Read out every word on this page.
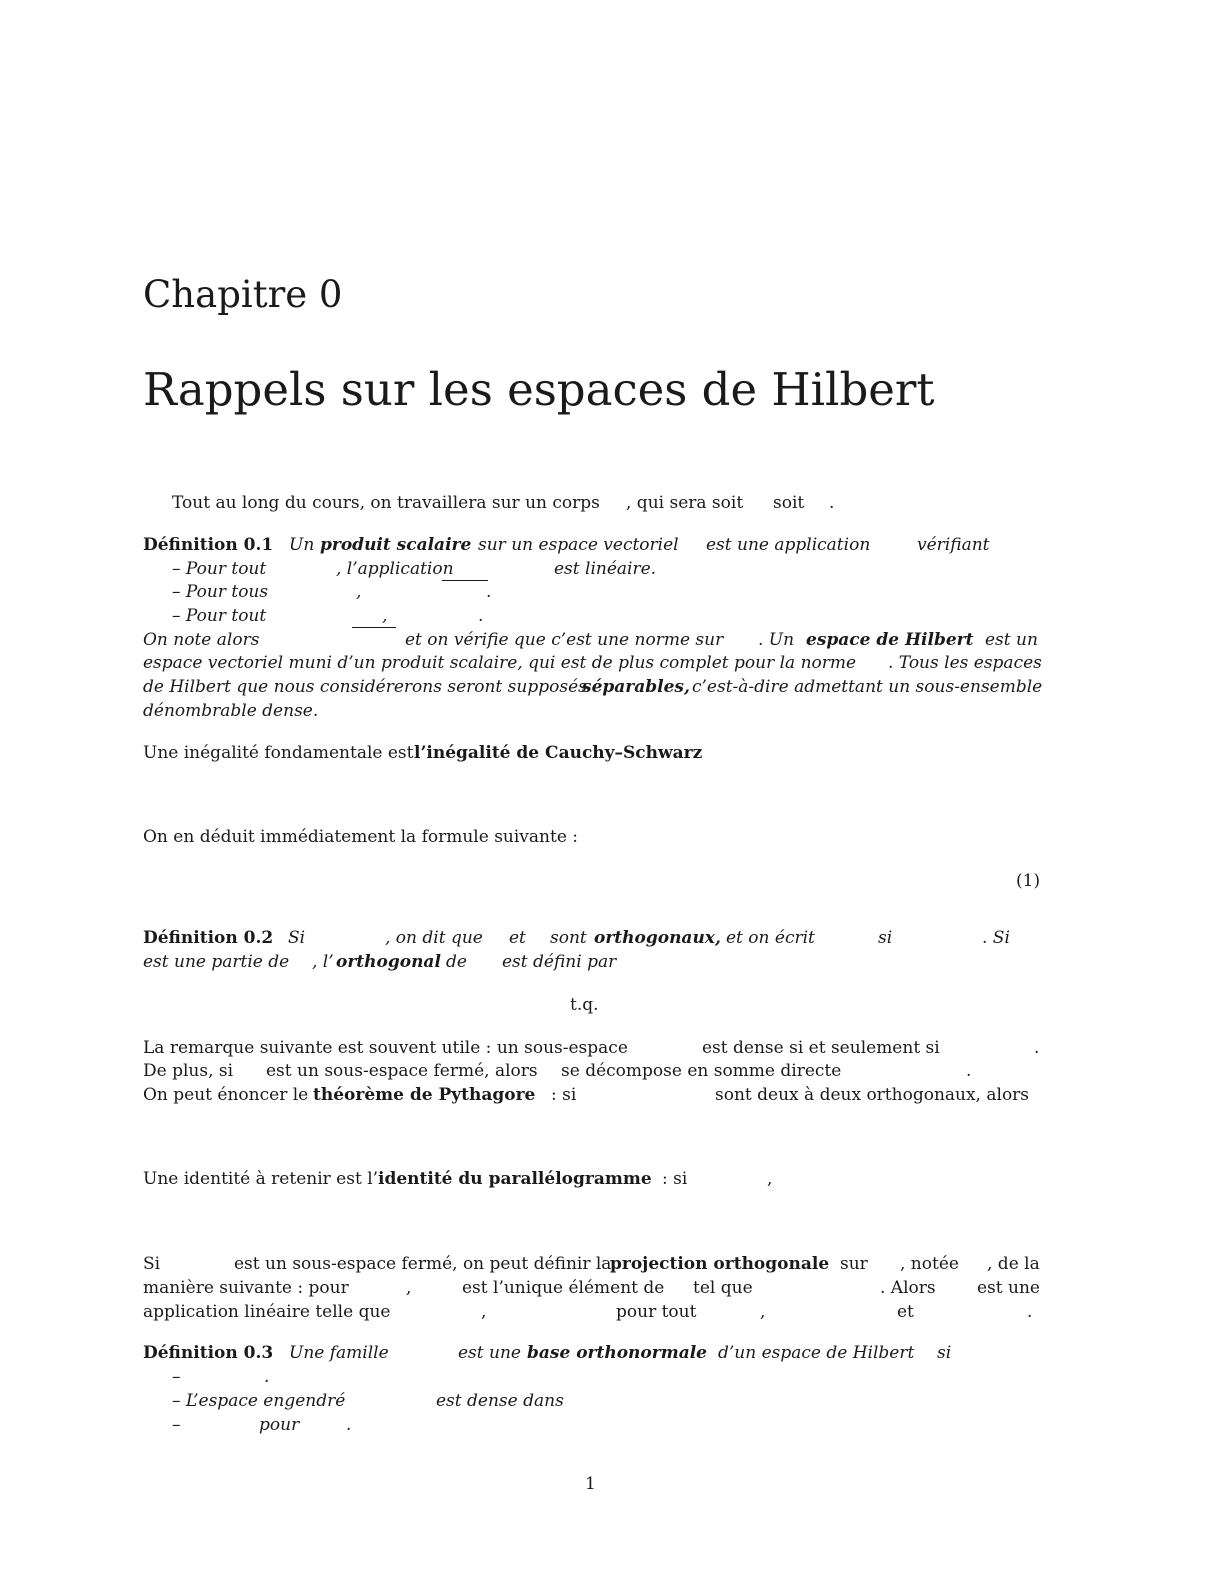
Chapitre 0
Rappels sur les espaces de Hilbert
Tout au long du cours, on travaillera sur un corps , qui sera soit soit .
Définition 0.1 Un produit scalaire sur un espace vectoriel est une application	vérifiant
– Pour tout	, l’application	est linéaire.
– Pour tous	,	.
– Pour tout	,	.
On note alors	et on vérifie que c’est une norme sur . Un espace de Hilbert est un
espace vectoriel muni d’un produit scalaire, qui est de plus complet pour la norme . Tous les espaces
de Hilbert que nous considérerons seront supposés
séparables, c’est-à-dire admettant un sous-ensemble
dénombrable dense.
Une inégalité fondamentale est l’inégalité de Cauchy–Schwarz
On en déduit immédiatement la formule suivante :
(1)
Définition 0.2 Si	, on dit que et sont orthogonaux, et on écrit	si	. Si
est une partie de , l’ orthogonal de est défini par
t.q.
La remarque suivante est souvent utile : un sous-espace	est dense si et seulement si	.
De plus, si est un sous-espace fermé, alors se décompose en somme directe	.
On peut énoncer le théorème de Pythagore : si	sont deux à deux orthogonaux, alors
Une identité à retenir est l’ identité du parallélogramme : si	,
Si	est un sous-espace fermé, on peut définir la
projection orthogonale sur , notée , de la
manière suivante : pour	,	est l’unique élément de tel que	. Alors est une
application linéaire telle que	,	pour tout	,	et	.
Définition 0.3 Une famille	est une base orthonormale d’un espace de Hilbert si
–	.
– L’espace engendré	est dense dans
–	pour	.
1
